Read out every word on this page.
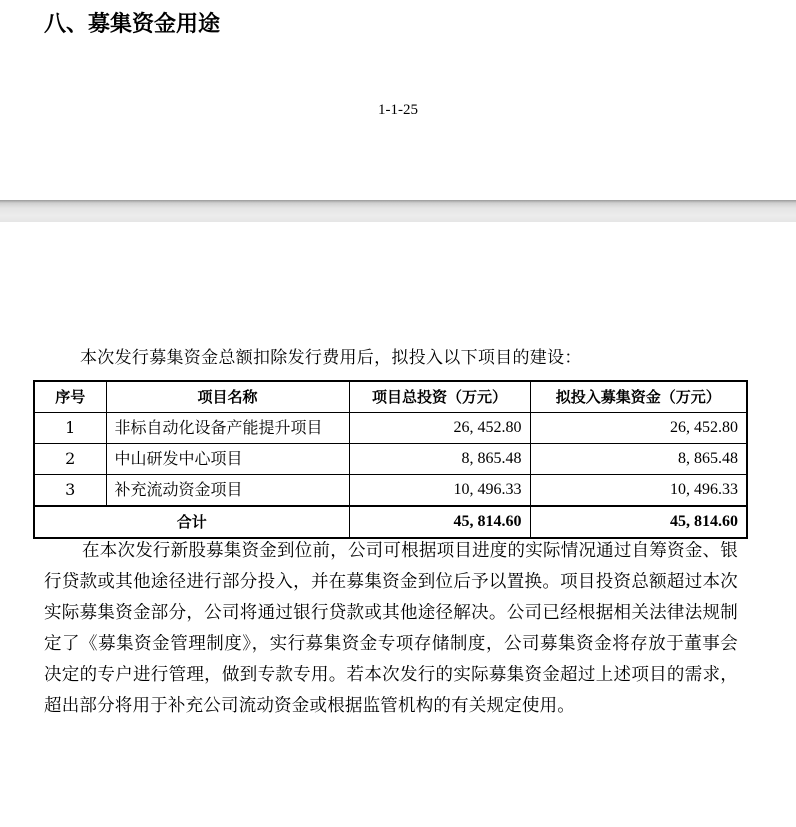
八、募集资金用途
1-1-25
本次发行募集资金总额扣除发行费用后，拟投入以下项目的建设：
序号	项目名称	项目总投资（万元）	拟投入募集资金（万元）
1	非标自动化设备产能提升项目	26, 452.80	26, 452.80
2	中山研发中心项目	8, 865.48	8, 865.48
3	补充流动资金项目	10, 496.33	10, 496.33
合计		45, 814.60	45, 814.60

在本次发行新股募集资金到位前，公司可根据项目进度的实际情况通过自筹资金、银行贷款或其他途径进行部分投入，并在募集资金到位后予以置换。项目投资总额超过本次实际募集资金部分，公司将通过银行贷款或其他途径解决。公司已经根据相关法律法规制定了《募集资金管理制度》，实行募集资金专项存储制度，公司募集资金将存放于董事会决定的专户进行管理，做到专款专用。若本次发行的实际募集资金超过上述项目的需求，超出部分将用于补充公司流动资金或根据监管机构的有关规定使用。
